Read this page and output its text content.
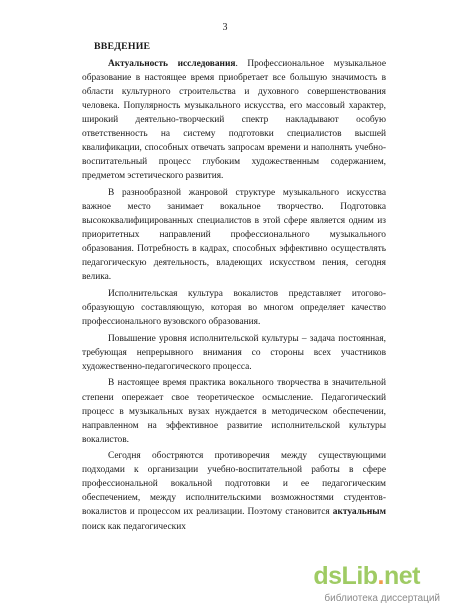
3
ВВЕДЕНИЕ

Актуальность исследования. Профессиональное музыкальное образование в настоящее время приобретает все большую значимость в области культурного строительства и духовного совершенствования человека. Популярность музыкального искусства, его массовый характер, широкий деятельно-творческий спектр накладывают особую ответственность на систему подготовки специалистов высшей квалификации, способных отвечать запросам времени и наполнять учебно-воспитательный процесс глубоким художественным содержанием, предметом эстетического развития.

В разнообразной жанровой структуре музыкального искусства важное место занимает вокальное творчество. Подготовка высококвалифицированных специалистов в этой сфере является одним из приоритетных направлений профессионального музыкального образования. Потребность в кадрах, способных эффективно осуществлять педагогическую деятельность, владеющих искусством пения, сегодня велика.

Исполнительская культура вокалистов представляет итогово-образующую составляющую, которая во многом определяет качество профессионального вузовского образования.

Повышение уровня исполнительской культуры – задача постоянная, требующая непрерывного внимания со стороны всех участников художественно-педагогического процесса.

В настоящее время практика вокального творчества в значительной степени опережает свое теоретическое осмысление. Педагогический процесс в музыкальных вузах нуждается в методическом обеспечении, направленном на эффективное развитие исполнительской культуры вокалистов.

Сегодня обостряются противоречия между существующими подходами к организации учебно-воспитательной работы в сфере профессиональной вокальной подготовки и ее педагогическим обеспечением, между исполнительскими возможностями студентов-вокалистов и процессом их реализации. Поэтому становится актуальным поиск как педагогических

dsLib.net
библиотека диссертаций
